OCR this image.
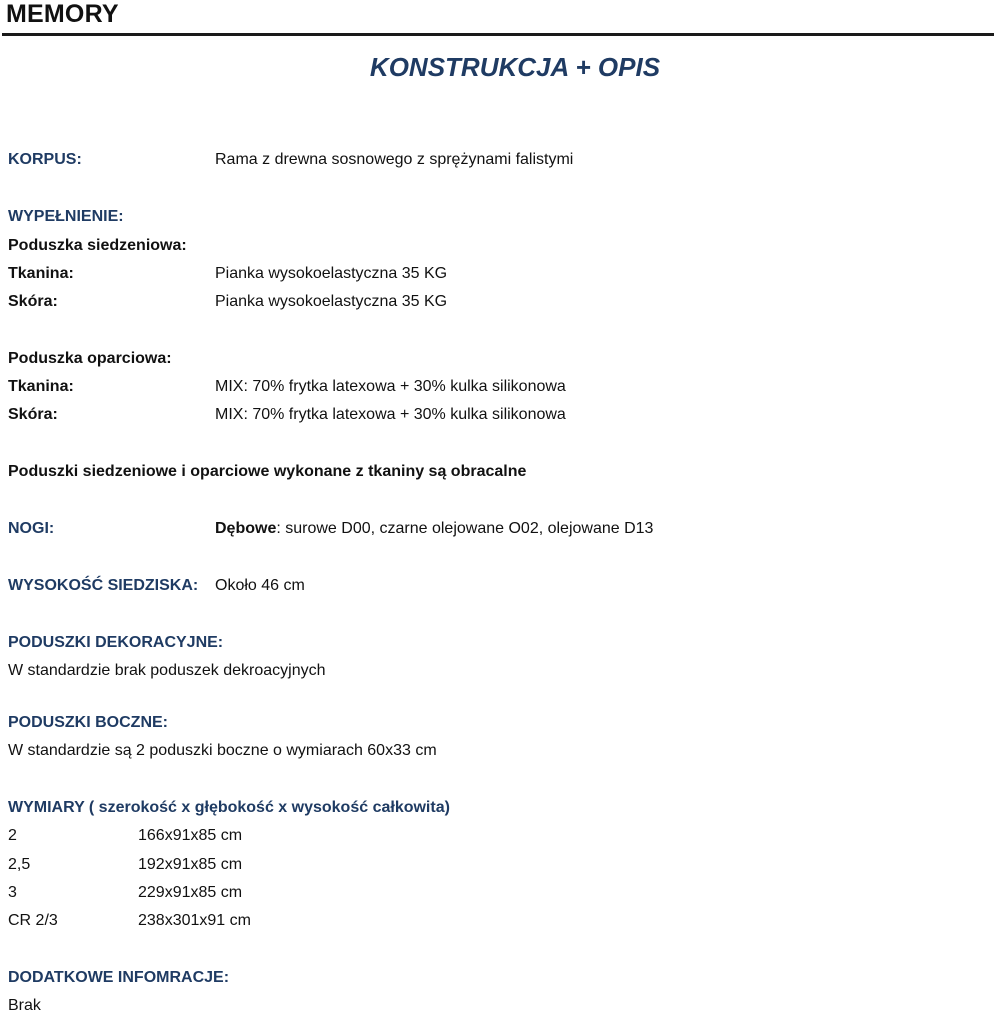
MEMORY
KONSTRUKCJA + OPIS
KORPUS:	Rama z drewna sosnowego z sprężynami falistymi
WYPEŁNIENIE:
Poduszka siedzeniowa:
Tkanina:	Pianka wysokoelastyczna 35 KG
Skóra:	Pianka wysokoelastyczna 35 KG
Poduszka oparciowa:
Tkanina:	MIX: 70% frytka latexowa + 30% kulka silikonowa
Skóra:	MIX: 70% frytka latexowa + 30% kulka silikonowa
Poduszki siedzeniowe i oparciowe wykonane z tkaniny są obracalne
NOGI:	Dębowe: surowe D00, czarne olejowane O02, olejowane D13
WYSOKOŚĆ SIEDZISKA: Około 46 cm
PODUSZKI DEKORACYJNE:
W standardzie brak poduszek dekroacyjnych
PODUSZKI BOCZNE:
W standardzie są 2 poduszki boczne o wymiarach 60x33 cm
WYMIARY ( szerokość x głębokość x wysokość całkowita)
2	166x91x85 cm
2,5	192x91x85 cm
3	229x91x85 cm
CR 2/3	238x301x91 cm
DODATKOWE INFOMRACJE:
Brak
